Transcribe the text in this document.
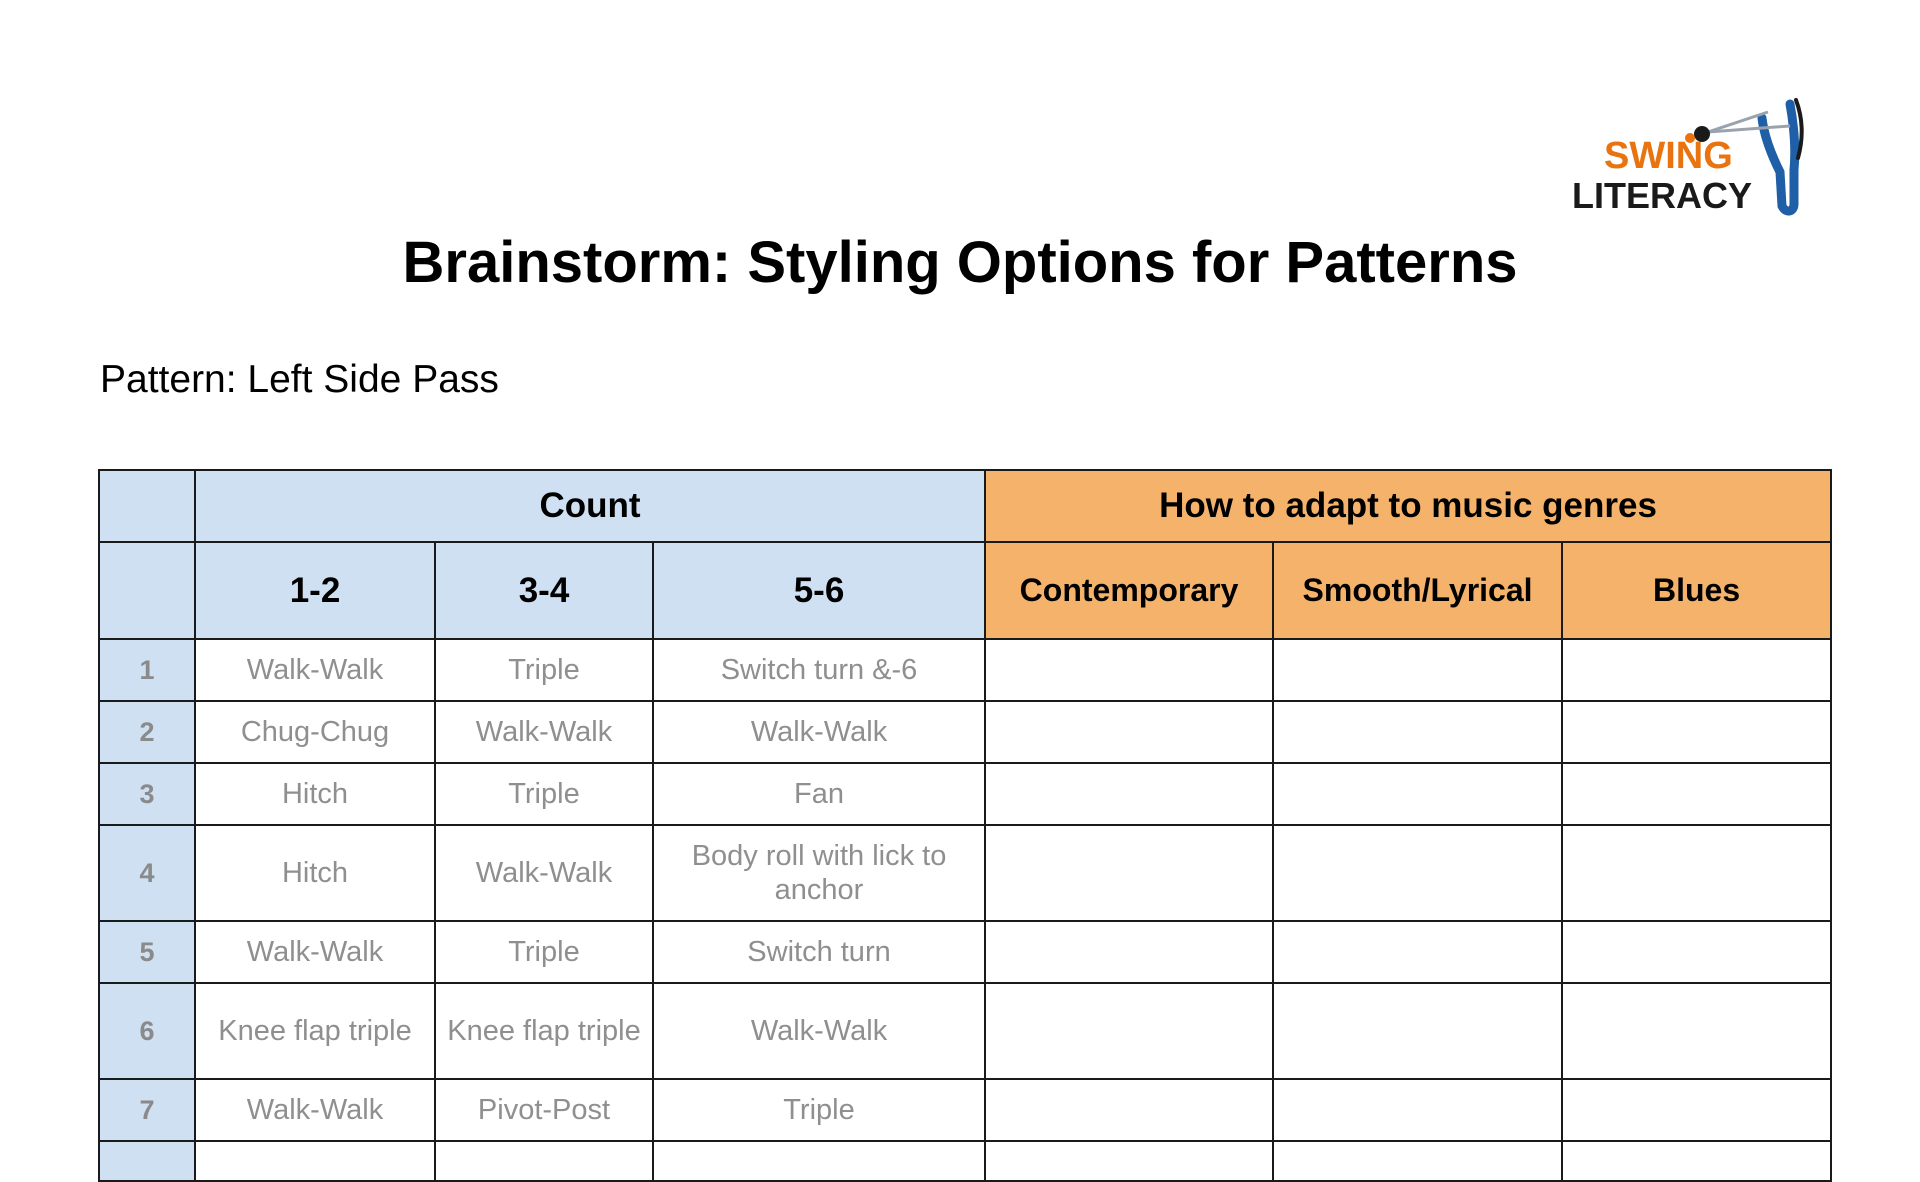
SWING
LITERACY
Brainstorm: Styling Options for Patterns
Pattern: Left Side Pass
	Count			How to adapt to music genres		
	1-2	3-4	5-6	Contemporary	Smooth/Lyrical	Blues
1	Walk-Walk	Triple	Switch turn &-6			
2	Chug-Chug	Walk-Walk	Walk-Walk			
3	Hitch	Triple	Fan			
4	Hitch	Walk-Walk	Body roll with lick to anchor			
5	Walk-Walk	Triple	Switch turn			
6	Knee flap triple	Knee flap triple	Walk-Walk			
7	Walk-Walk	Pivot-Post	Triple			
